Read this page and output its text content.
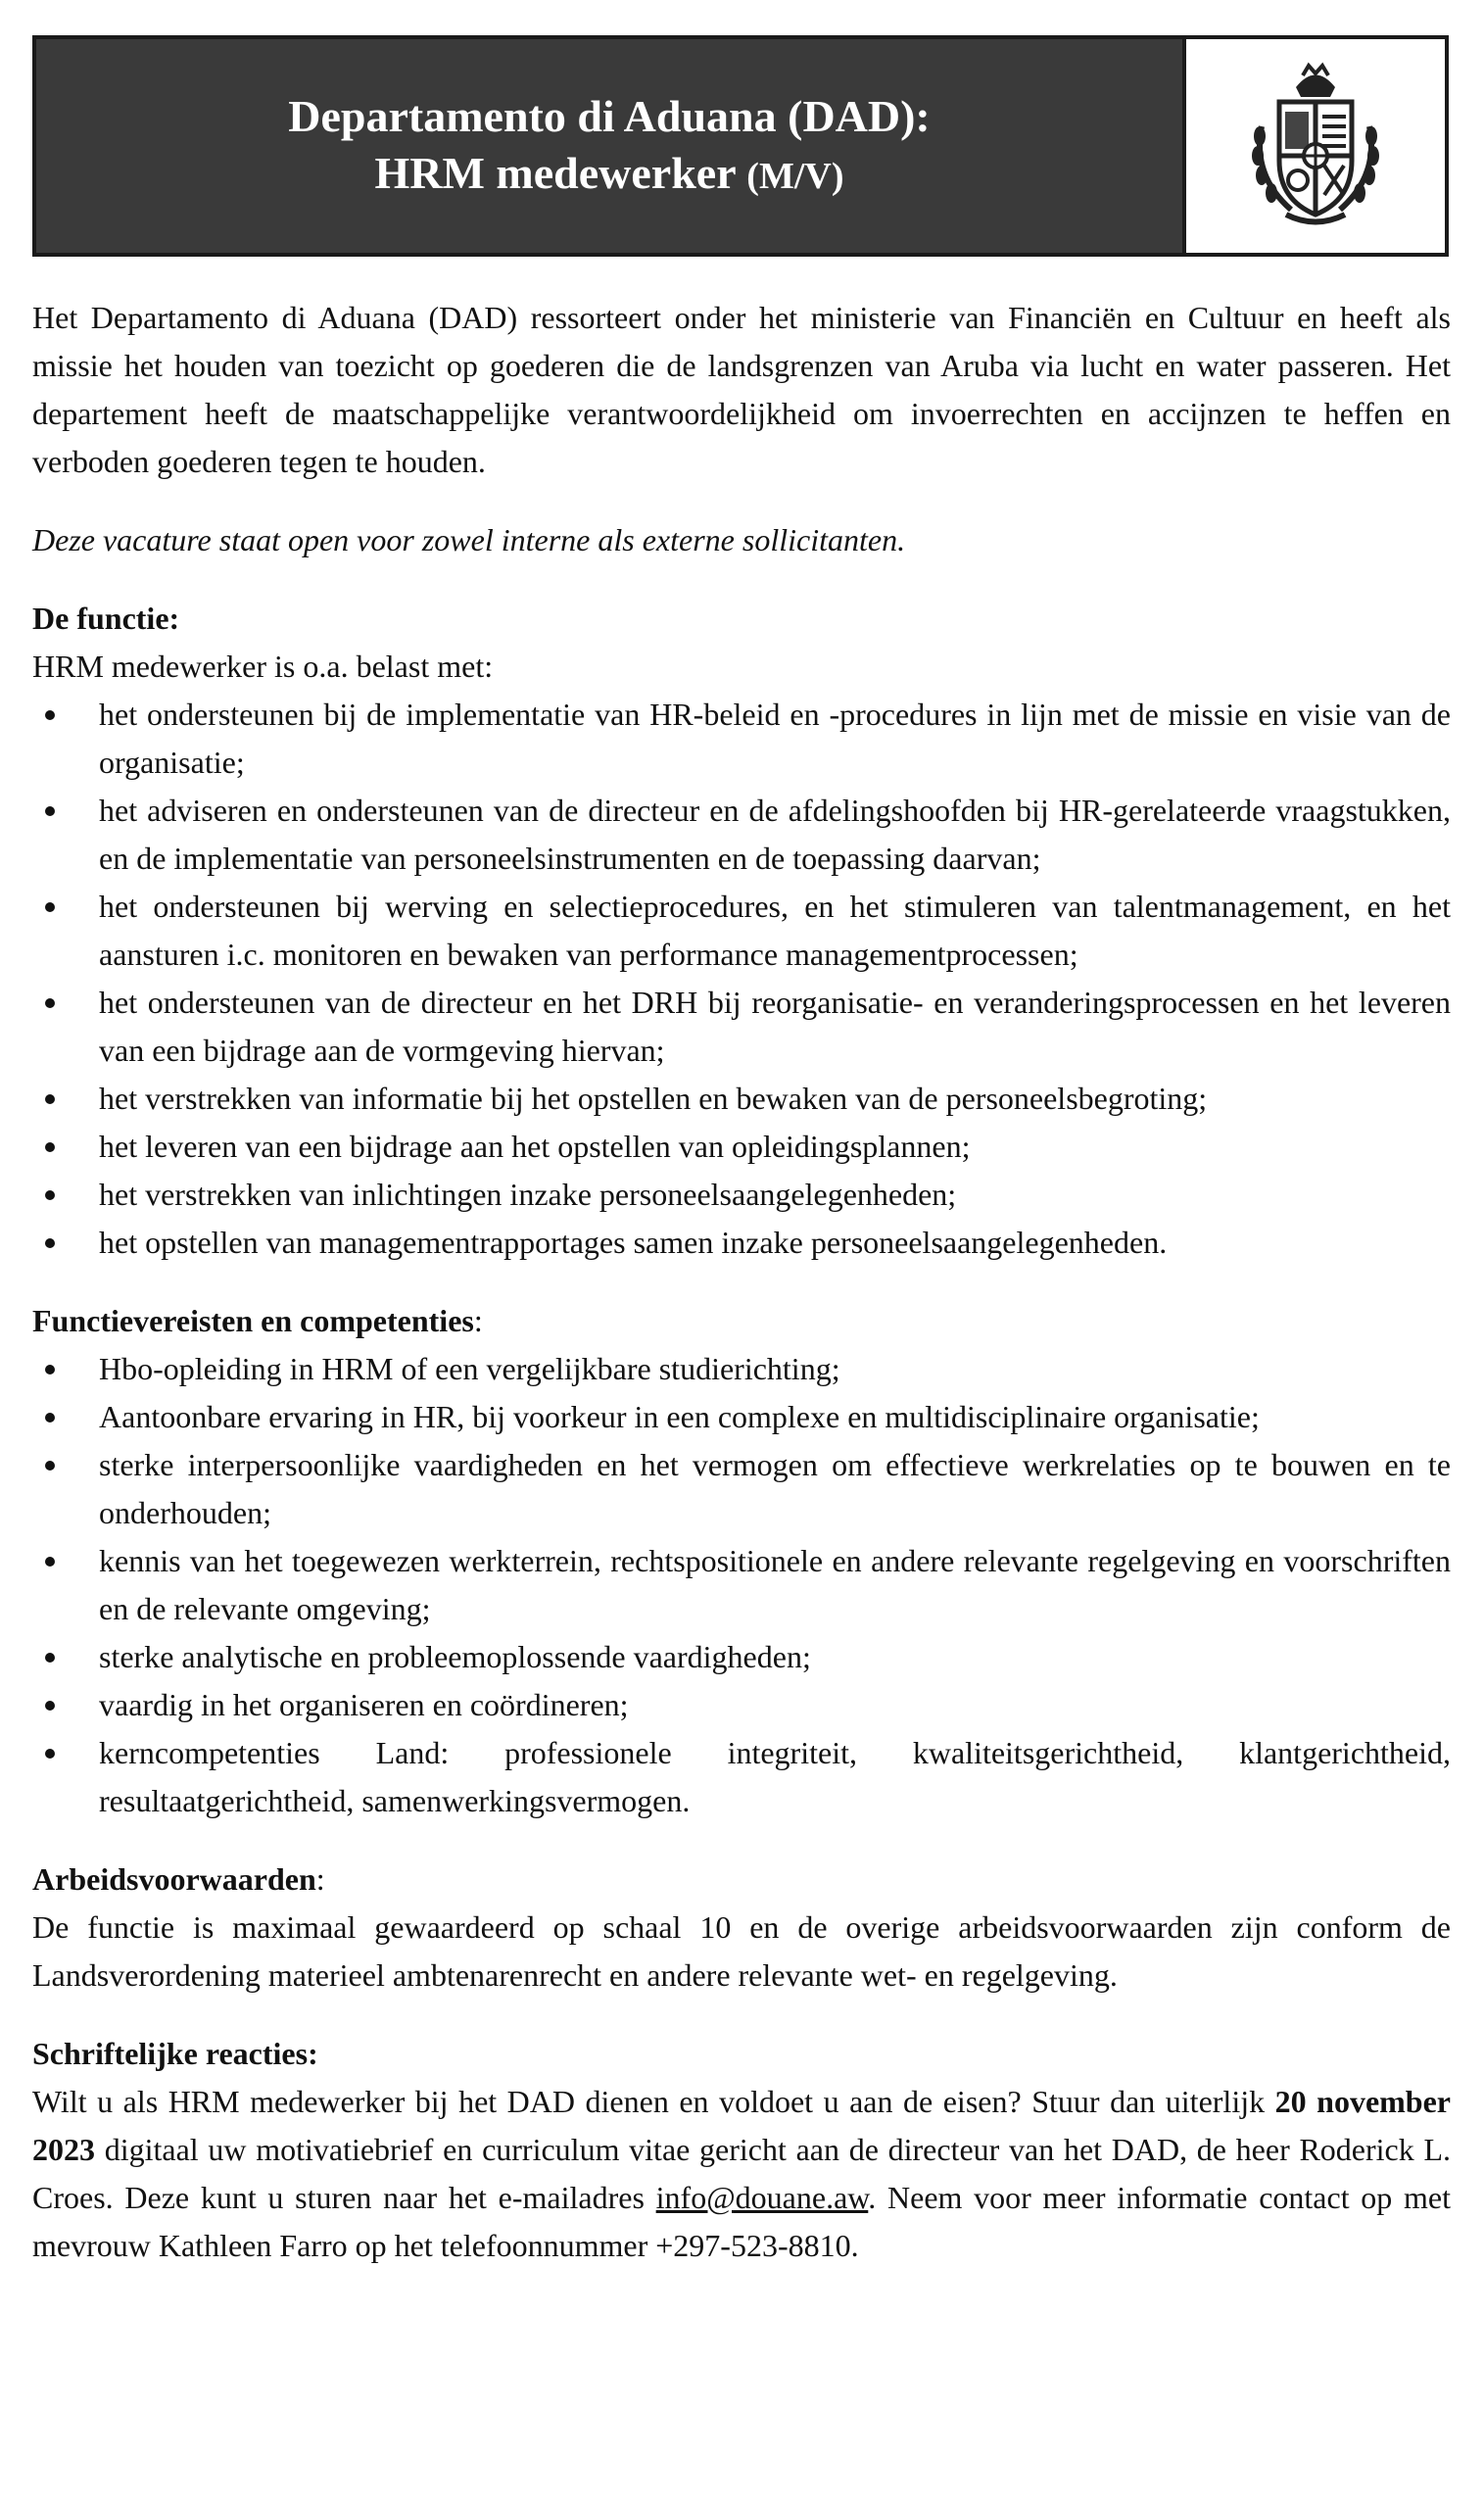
Departamento di Aduana (DAD):
HRM medewerker (M/V)

Het Departamento di Aduana (DAD) ressorteert onder het ministerie van Financiën en Cultuur en heeft als missie het houden van toezicht op goederen die de landsgrenzen van Aruba via lucht en water passeren. Het departement heeft de maatschappelijke verantwoordelijkheid om invoerrechten en accijnzen te heffen en verboden goederen tegen te houden.

Deze vacature staat open voor zowel interne als externe sollicitanten.

De functie:
HRM medewerker is o.a. belast met:
het ondersteunen bij de implementatie van HR-beleid en -procedures in lijn met de missie en visie van de organisatie;
het adviseren en ondersteunen van de directeur en de afdelingshoofden bij HR-gerelateerde vraagstukken, en de implementatie van personeelsinstrumenten en de toepassing daarvan;
het ondersteunen bij werving en selectieprocedures, en het stimuleren van talentmanagement, en het aansturen i.c. monitoren en bewaken van performance managementprocessen;
het ondersteunen van de directeur en het DRH bij reorganisatie- en veranderingsprocessen en het leveren van een bijdrage aan de vormgeving hiervan;
het verstrekken van informatie bij het opstellen en bewaken van de personeelsbegroting;
het leveren van een bijdrage aan het opstellen van opleidingsplannen;
het verstrekken van inlichtingen inzake personeelsaangelegenheden;
het opstellen van managementrapportages samen inzake personeelsaangelegenheden.
Functievereisten en competenties:
Hbo-opleiding in HRM of een vergelijkbare studierichting;
Aantoonbare ervaring in HR, bij voorkeur in een complexe en multidisciplinaire organisatie;
sterke interpersoonlijke vaardigheden en het vermogen om effectieve werkrelaties op te bouwen en te onderhouden;
kennis van het toegewezen werkterrein, rechtspositionele en andere relevante regelgeving en voorschriften en de relevante omgeving;
sterke analytische en probleemoplossende vaardigheden;
vaardig in het organiseren en coördineren;
kerncompetenties Land: professionele integriteit, kwaliteitsgerichtheid, klantgerichtheid, resultaatgerichtheid, samenwerkingsvermogen.
Arbeidsvoorwaarden:

De functie is maximaal gewaardeerd op schaal 10 en de overige arbeidsvoorwaarden zijn conform de Landsverordening materieel ambtenarenrecht en andere relevante wet- en regelgeving.

Schriftelijke reacties:

Wilt u als HRM medewerker bij het DAD dienen en voldoet u aan de eisen? Stuur dan uiterlijk 20 november 2023 digitaal uw motivatiebrief en curriculum vitae gericht aan de directeur van het DAD, de heer Roderick L. Croes. Deze kunt u sturen naar het e-mailadres info@douane.aw. Neem voor meer informatie contact op met mevrouw Kathleen Farro op het telefoonnummer +297-523-8810.
